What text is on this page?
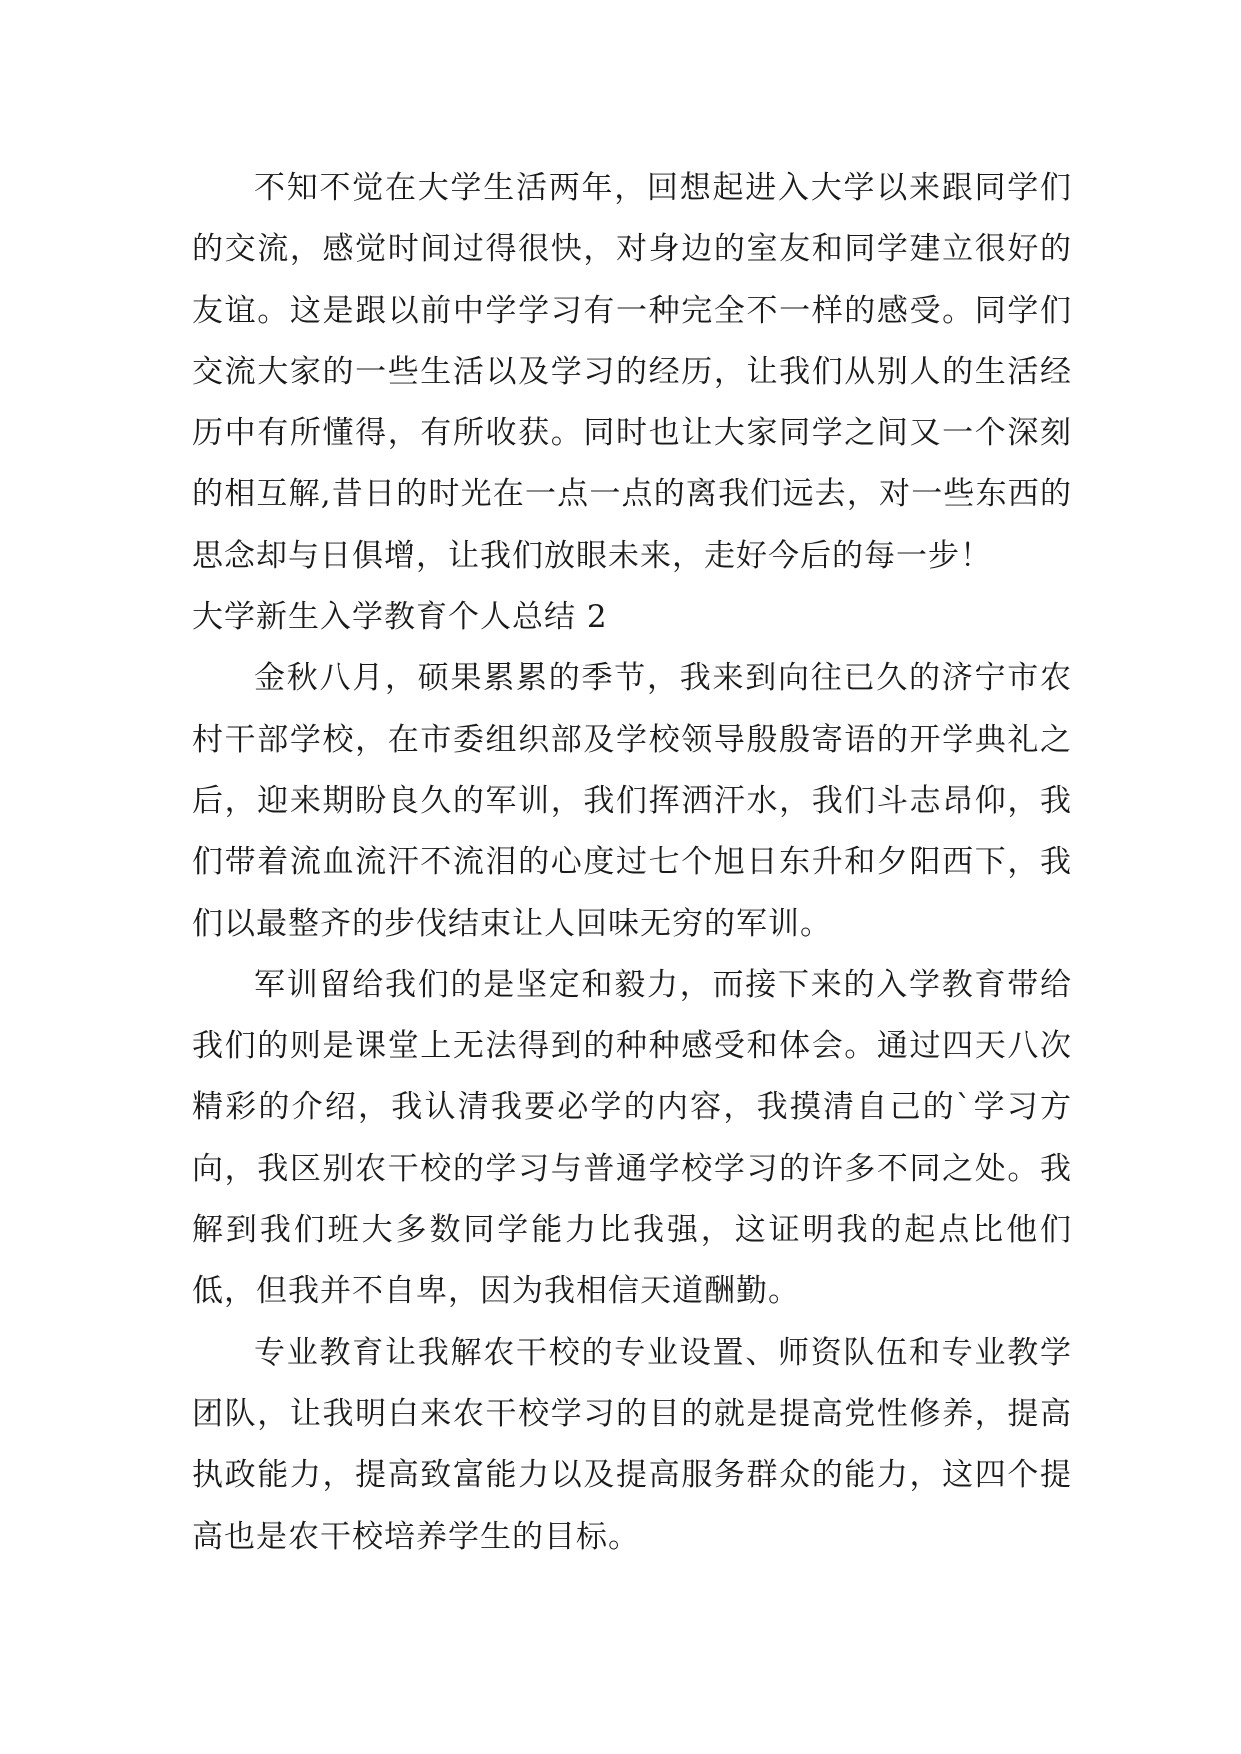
不知不觉在大学生活两年，回想起进入大学以来跟同学们的交流，感觉时间过得很快，对身边的室友和同学建立很好的友谊。这是跟以前中学学习有一种完全不一样的感受。同学们交流大家的一些生活以及学习的经历，让我们从别人的生活经历中有所懂得，有所收获。同时也让大家同学之间又一个深刻的相互解,昔日的时光在一点一点的离我们远去，对一些东西的思念却与日俱增，让我们放眼未来，走好今后的每一步！

大学新生入学教育个人总结 2

金秋八月，硕果累累的季节，我来到向往已久的济宁市农村干部学校，在市委组织部及学校领导殷殷寄语的开学典礼之后，迎来期盼良久的军训，我们挥洒汗水，我们斗志昂仰，我们带着流血流汗不流泪的心度过七个旭日东升和夕阳西下，我们以最整齐的步伐结束让人回味无穷的军训。

军训留给我们的是坚定和毅力，而接下来的入学教育带给我们的则是课堂上无法得到的种种感受和体会。通过四天八次精彩的介绍，我认清我要必学的内容，我摸清自己的`学习方向，我区别农干校的学习与普通学校学习的许多不同之处。我解到我们班大多数同学能力比我强，这证明我的起点比他们低，但我并不自卑，因为我相信天道酬勤。

专业教育让我解农干校的专业设置、师资队伍和专业教学团队，让我明白来农干校学习的目的就是提高党性修养，提高执政能力，提高致富能力以及提高服务群众的能力，这四个提高也是农干校培养学生的目标。
